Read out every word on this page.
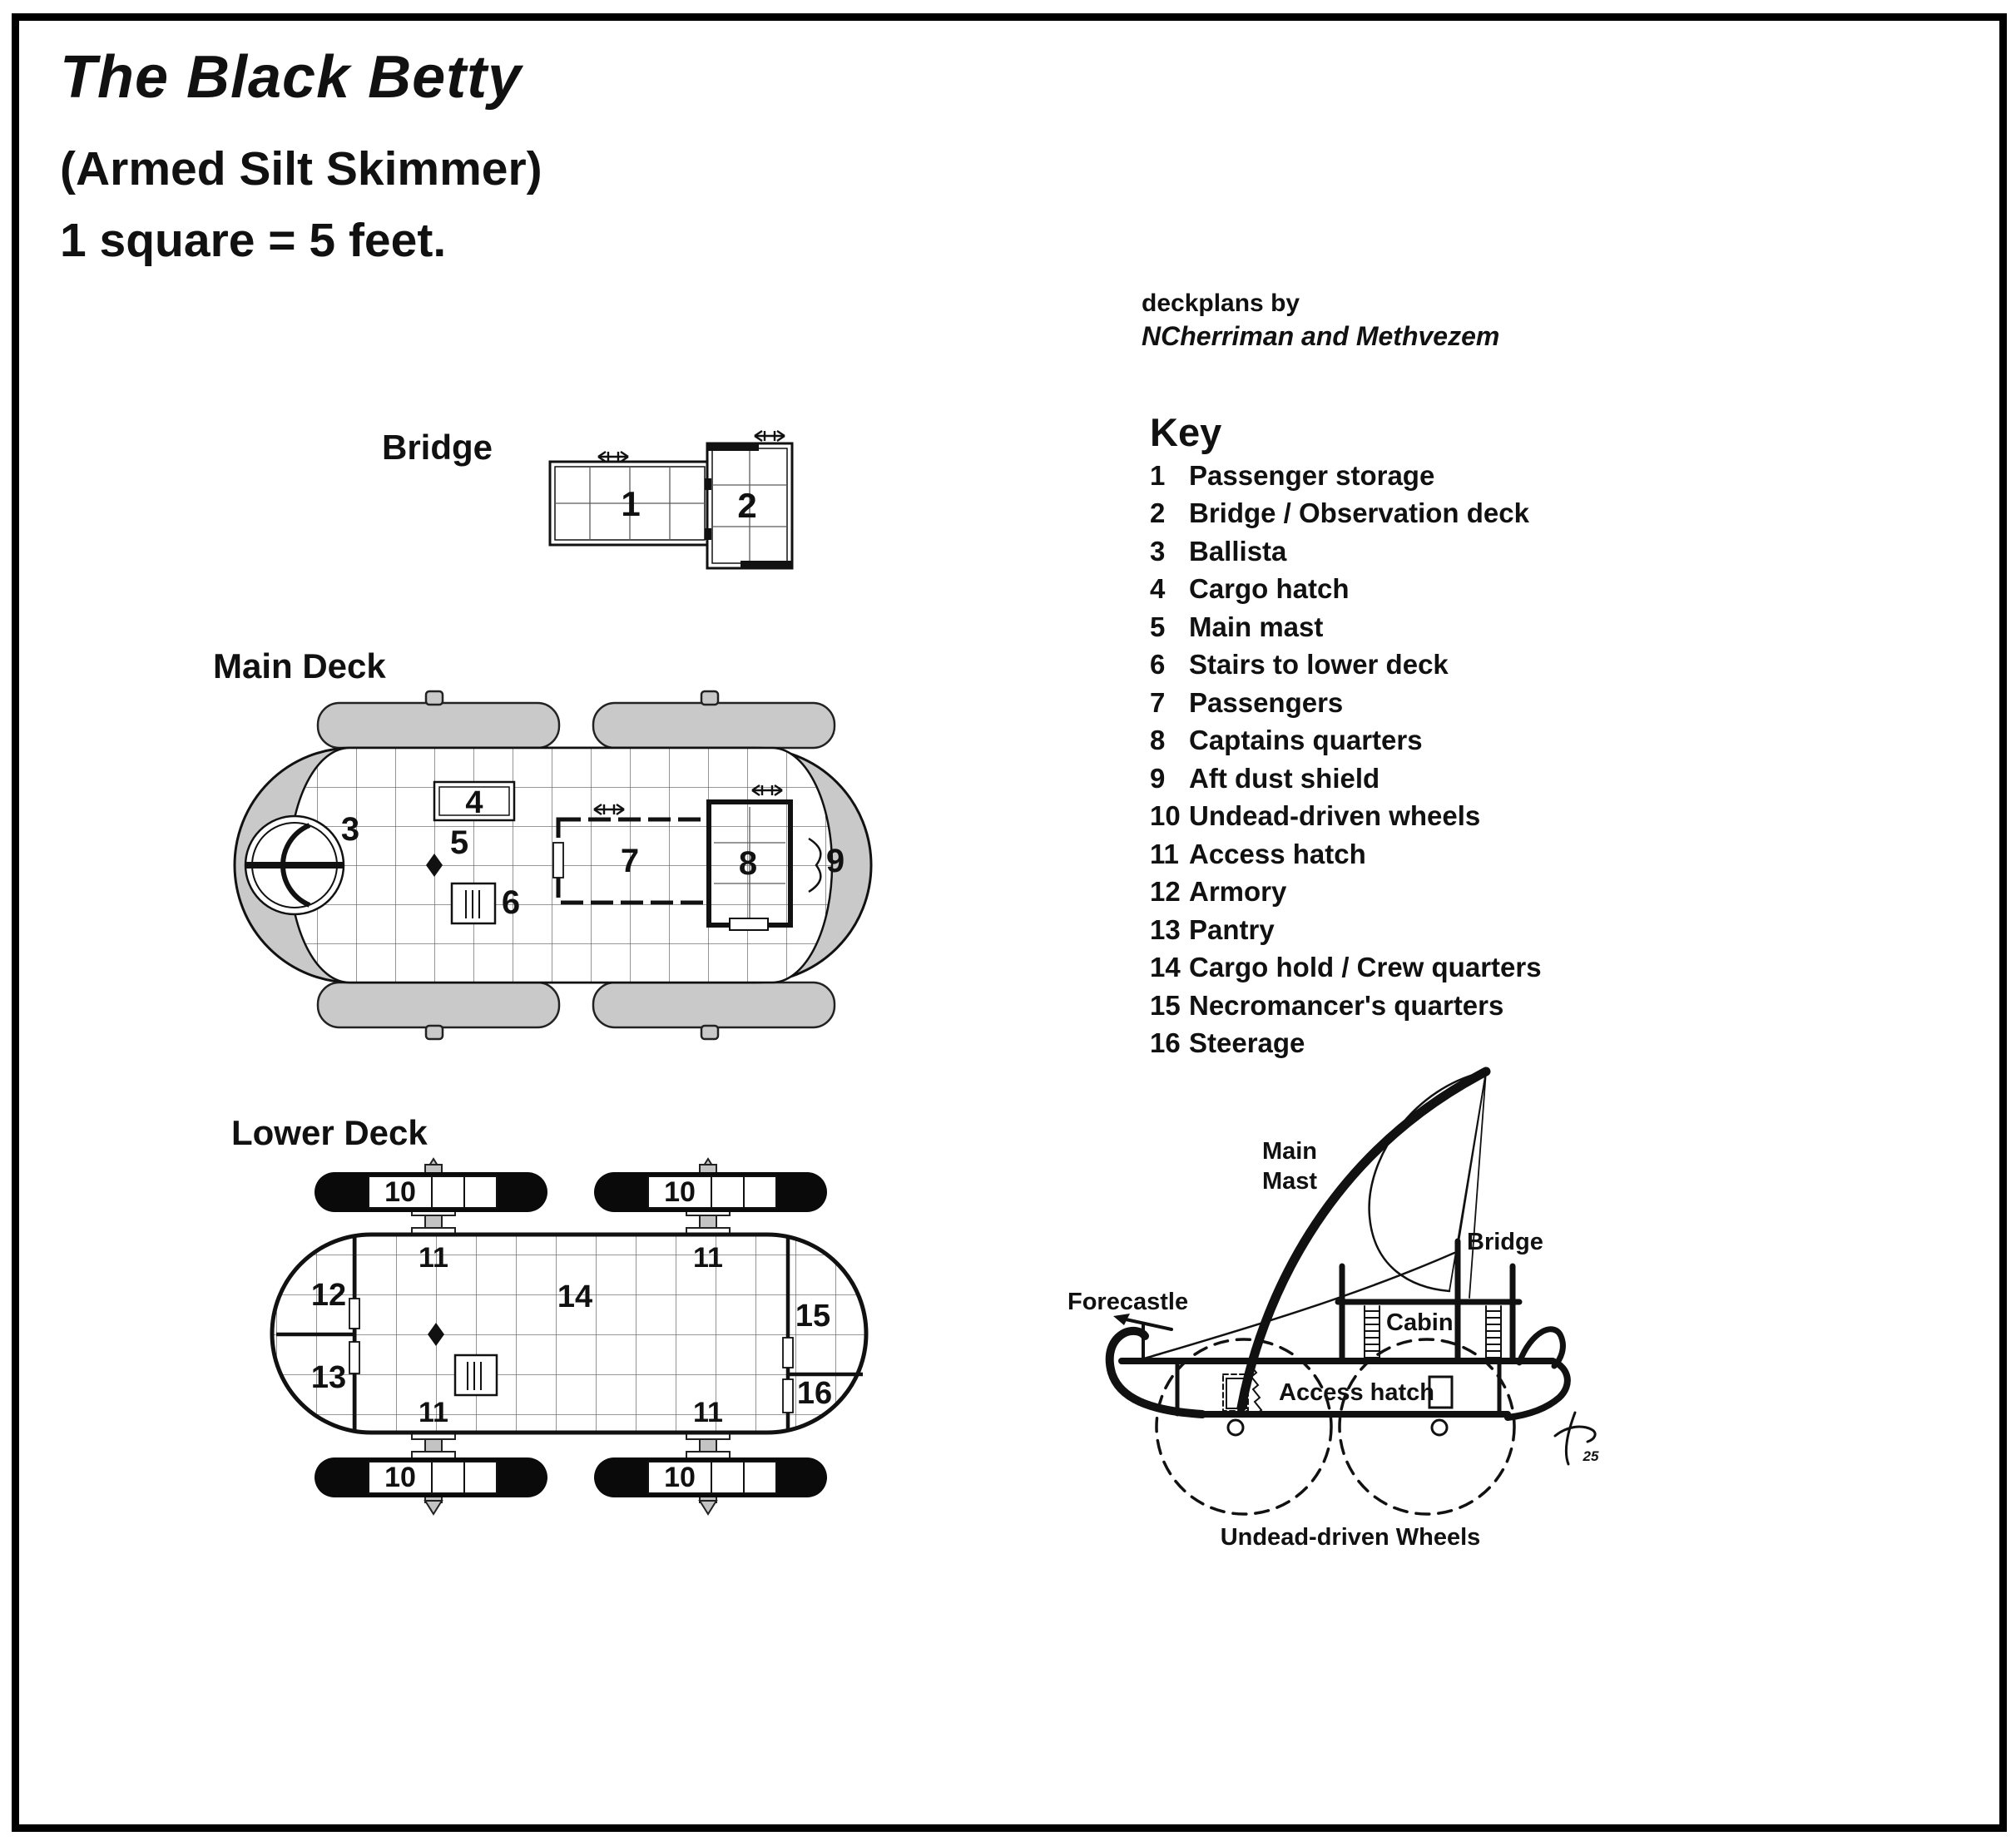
1	2
3
4
5
6
7	8 9
10	10
10	10
11	11
11	11
12
13
14
15
16
25
The Black Betty
(Armed Silt Skimmer)
1 square = 5 feet.
deckplans by
NCherriman and Methvezem
Key
1 Passenger storage
2 Bridge / Observation deck
3 Ballista
4 Cargo hatch
5 Main mast
6 Stairs to lower deck
7 Passengers
8 Captains quarters
9 Aft dust shield
10 Undead-driven wheels
11 Access hatch
12 Armory
13 Pantry
14 Cargo hold / Crew quarters
15 Necromancer's quarters
16 Steerage
Bridge
Main Deck
Lower Deck	Main
Mast
Bridge
Forecastle
Cabin
Access hatch
Undead-driven Wheels
